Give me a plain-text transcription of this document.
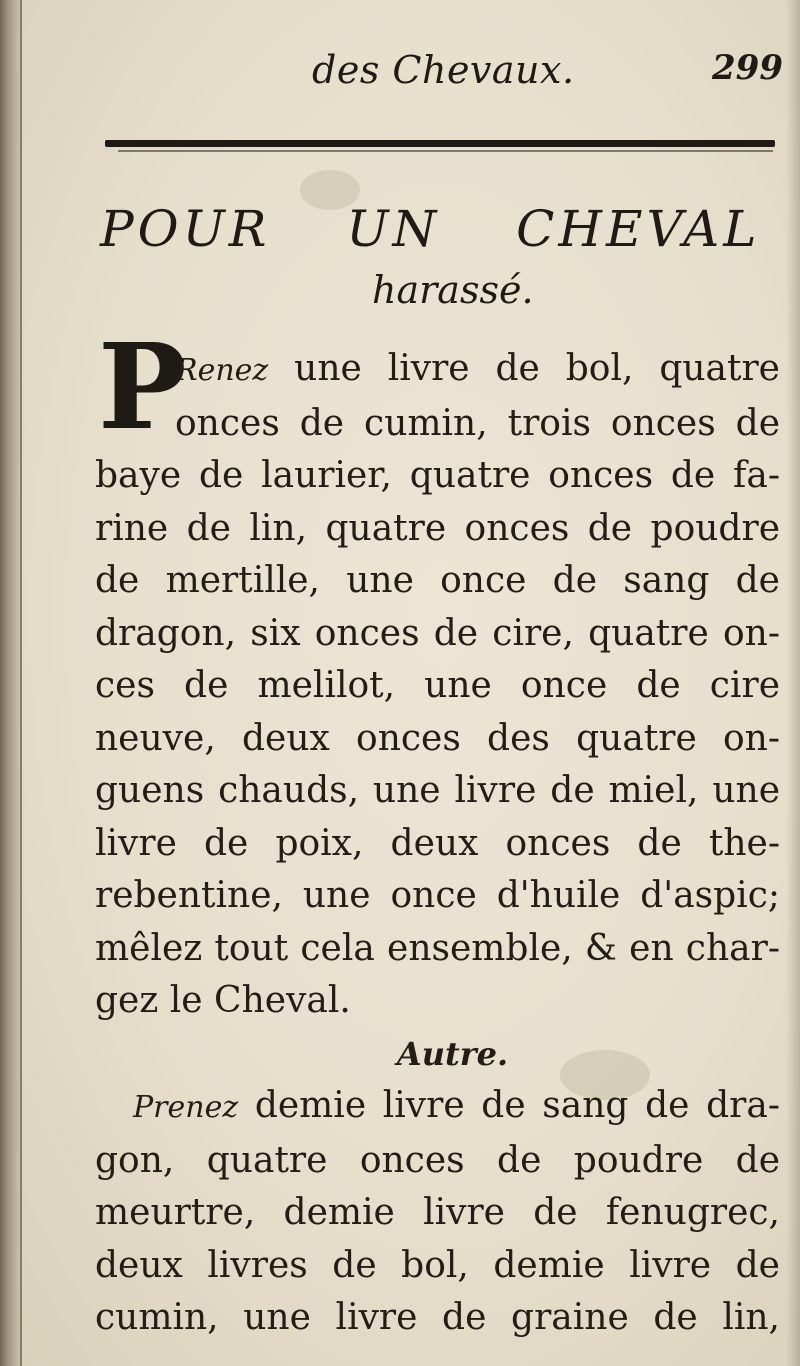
des Chevaux.	299
POUR UN CHEVAL
harassé.
P
Renez une livre de bol, quatre
onces de cumin, trois onces de
baye de laurier, quatre onces de fa-
rine de lin, quatre onces de poudre
de mertille, une once de sang de
dragon, six onces de cire, quatre on-
ces de melilot, une once de cire
neuve, deux onces des quatre on-
guens chauds, une livre de miel, une
livre de poix, deux onces de the-
rebentine, une once d'huile d'aspic;
mêlez tout cela ensemble, & en char-
gez le Cheval.
Autre.
Prenez demie livre de sang de dra-
gon, quatre onces de poudre de
meurtre, demie livre de fenugrec,
deux livres de bol, demie livre de
cumin, une livre de graine de lin,
